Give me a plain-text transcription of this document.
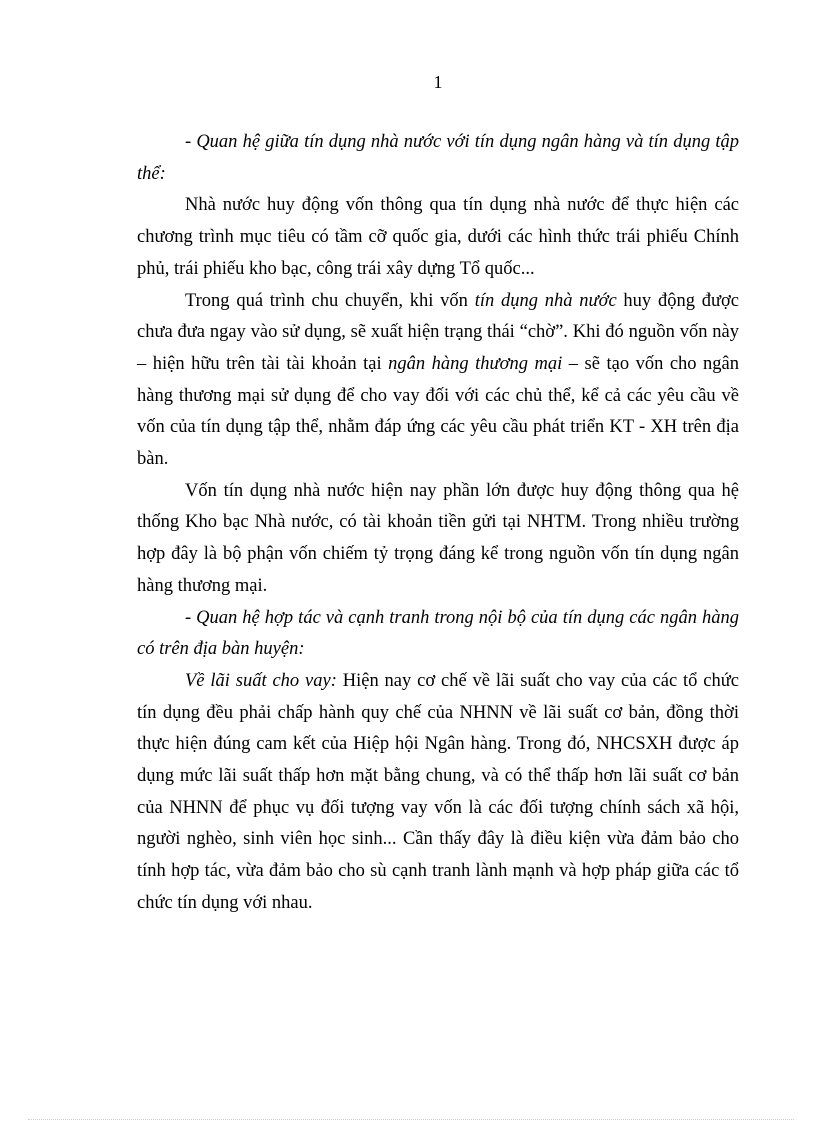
1

- Quan hệ giữa tín dụng nhà nước với tín dụng ngân hàng và tín dụng tập thể:

Nhà nước huy động vốn thông qua tín dụng nhà nước để thực hiện các chương trình mục tiêu có tầm cỡ quốc gia, dưới các hình thức trái phiếu Chính phủ, trái phiếu kho bạc, công trái xây dựng Tổ quốc...

Trong quá trình chu chuyển, khi vốn tín dụng nhà nước huy động được chưa đưa ngay vào sử dụng, sẽ xuất hiện trạng thái “chờ”. Khi đó nguồn vốn này – hiện hữu trên tài tài khoản tại ngân hàng thương mại – sẽ tạo vốn cho ngân hàng thương mại sử dụng để cho vay đối với các chủ thể, kể cả các yêu cầu về vốn của tín dụng tập thể, nhằm đáp ứng các yêu cầu phát triển KT - XH trên địa bàn.

Vốn tín dụng nhà nước hiện nay phần lớn được huy động thông qua hệ thống Kho bạc Nhà nước, có tài khoản tiền gửi tại NHTM. Trong nhiều trường hợp đây là bộ phận vốn chiếm tỷ trọng đáng kể trong nguồn vốn tín dụng ngân hàng thương mại.

- Quan hệ hợp tác và cạnh tranh trong nội bộ của tín dụng các ngân hàng có trên địa bàn huyện:

Về lãi suất cho vay: Hiện nay cơ chế về lãi suất cho vay của các tổ chức tín dụng đều phải chấp hành quy chế của NHNN về lãi suất cơ bản, đồng thời thực hiện đúng cam kết của Hiệp hội Ngân hàng. Trong đó, NHCSXH được áp dụng mức lãi suất thấp hơn mặt bằng chung, và có thể thấp hơn lãi suất cơ bản của NHNN để phục vụ đối tượng vay vốn là các đối tượng chính sách xã hội, người nghèo, sinh viên học sinh... Cần thấy đây là điều kiện vừa đảm bảo cho tính hợp tác, vừa đảm bảo cho sù cạnh tranh lành mạnh và hợp pháp giữa các tổ chức tín dụng với nhau.
